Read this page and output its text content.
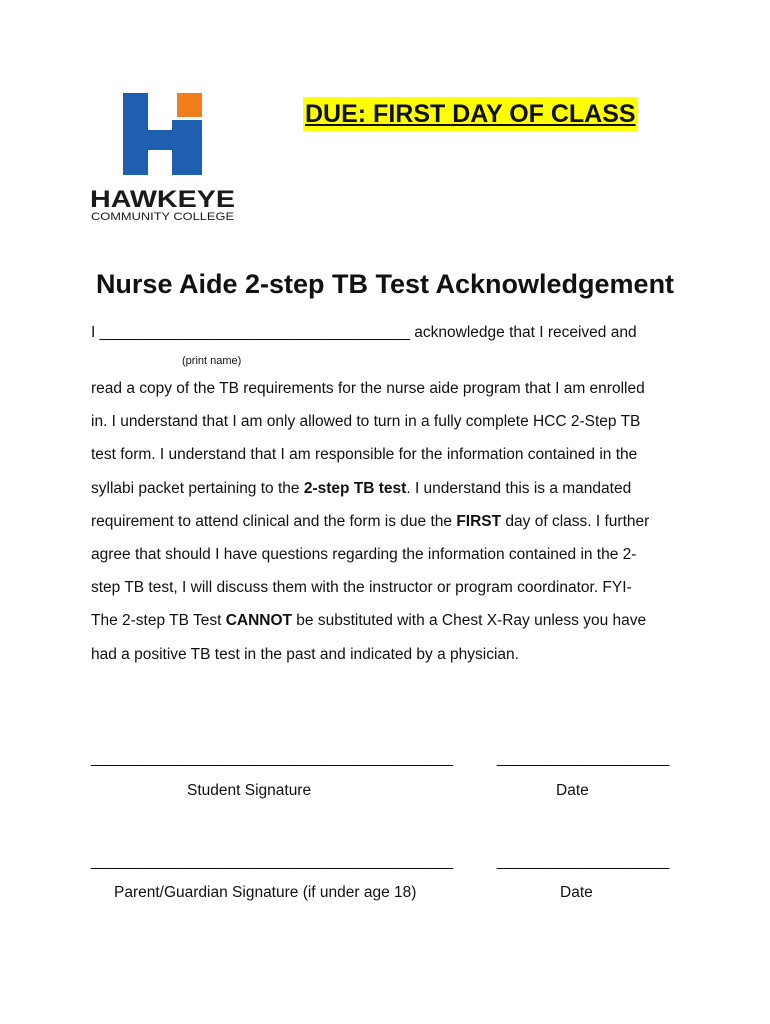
HAWKEYE
COMMUNITY COLLEGE
DUE: FIRST DAY OF CLASS
Nurse Aide 2-step TB Test Acknowledgement
I ____________________________________ acknowledge that I received and
(print name)
read a copy of the TB requirements for the nurse aide program that I am enrolled
in. I understand that I am only allowed to turn in a fully complete HCC 2-Step TB
test form. I understand that I am responsible for the information contained in the
syllabi packet pertaining to the 2-step TB test. I understand this is a mandated
requirement to attend clinical and the form is due the FIRST day of class. I further
agree that should I have questions regarding the information contained in the 2-
step TB test, I will discuss them with the instructor or program coordinator. FYI-
The 2-step TB Test CANNOT be substituted with a Chest X-Ray unless you have
had a positive TB test in the past and indicated by a physician.
__________________________________________	____________________
Student Signature	Date
__________________________________________	____________________
Parent/Guardian Signature (if under age 18)	Date
